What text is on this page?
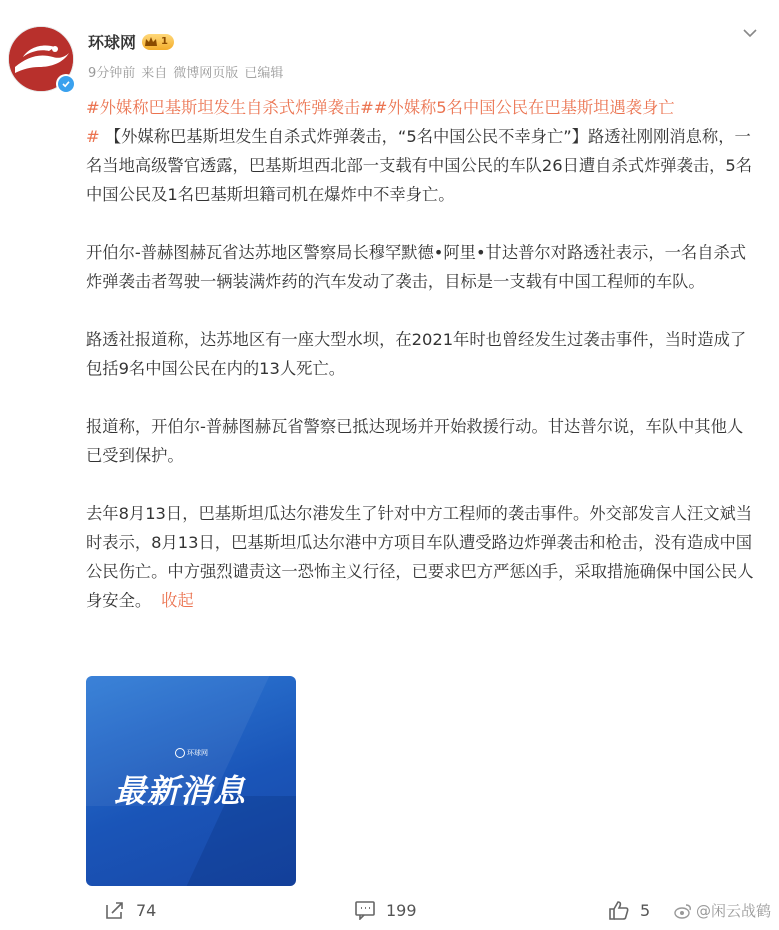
环球网	1
9分钟前 来自 微博网页版 已编辑

#外媒称巴基斯坦发生自杀式炸弹袭击##外媒称5名中国公民在巴基斯坦遇袭身亡

# 【外媒称巴基斯坦发生自杀式炸弹袭击，“5名中国公民不幸身亡”】路透社刚刚消息称，一名当地高级警官透露，巴基斯坦西北部一支载有中国公民的车队26日遭自杀式炸弹袭击，5名中国公民及1名巴基斯坦籍司机在爆炸中不幸身亡。

开伯尔-普赫图赫瓦省达苏地区警察局长穆罕默德•阿里•甘达普尔对路透社表示，一名自杀式炸弹袭击者驾驶一辆装满炸药的汽车发动了袭击，目标是一支载有中国工程师的车队。

路透社报道称，达苏地区有一座大型水坝，在2021年时也曾经发生过袭击事件，当时造成了包括9名中国公民在内的13人死亡。

报道称，开伯尔-普赫图赫瓦省警察已抵达现场并开始救援行动。甘达普尔说，车队中其他人已受到保护。

去年8月13日，巴基斯坦瓜达尔港发生了针对中方工程师的袭击事件。外交部发言人汪文斌当时表示，8月13日，巴基斯坦瓜达尔港中方项目车队遭受路边炸弹袭击和枪击，没有造成中国公民伤亡。中方强烈谴责这一恐怖主义行径，已要求巴方严惩凶手，采取措施确保中国公民人身安全。 收起

环球网
最新消息
74	199	5	@闲云战鹤
